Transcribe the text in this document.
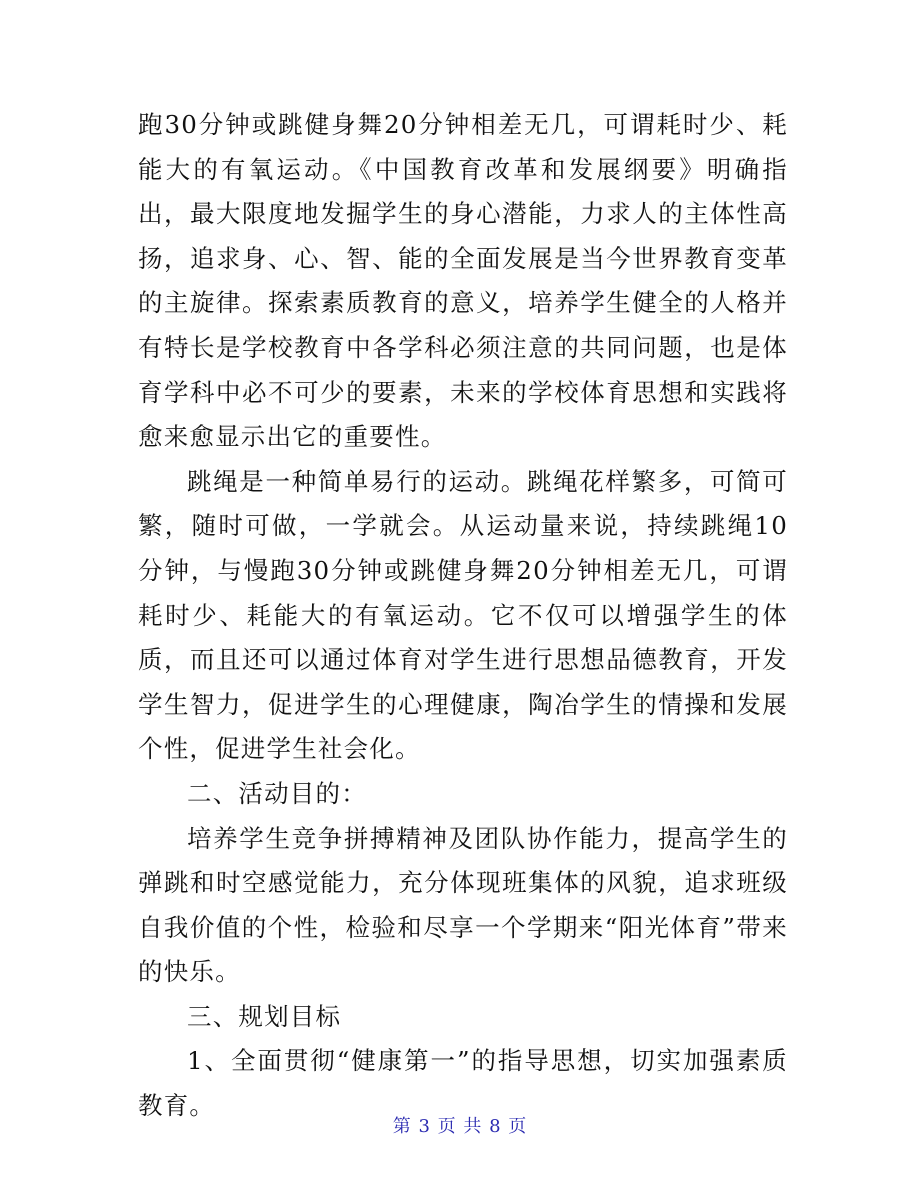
跑30分钟或跳健身舞20分钟相差无几，可谓耗时少、耗能大的有氧运动。《中国教育改革和发展纲要》明确指出，最大限度地发掘学生的身心潜能，力求人的主体性高扬，追求身、心、智、能的全面发展是当今世界教育变革的主旋律。探索素质教育的意义，培养学生健全的人格并有特长是学校教育中各学科必须注意的共同问题，也是体育学科中必不可少的要素，未来的学校体育思想和实践将愈来愈显示出它的重要性。

跳绳是一种简单易行的运动。跳绳花样繁多，可简可繁，随时可做，一学就会。从运动量来说，持续跳绳10分钟，与慢跑30分钟或跳健身舞20分钟相差无几，可谓耗时少、耗能大的有氧运动。它不仅可以增强学生的体质，而且还可以通过体育对学生进行思想品德教育，开发学生智力，促进学生的心理健康，陶冶学生的情操和发展个性，促进学生社会化。

二、活动目的：

培养学生竞争拼搏精神及团队协作能力，提高学生的弹跳和时空感觉能力，充分体现班集体的风貌，追求班级自我价值的个性，检验和尽享一个学期来“阳光体育”带来的快乐。

三、规划目标

1、全面贯彻“健康第一”的指导思想，切实加强素质教育。

第 3 页 共 8 页
